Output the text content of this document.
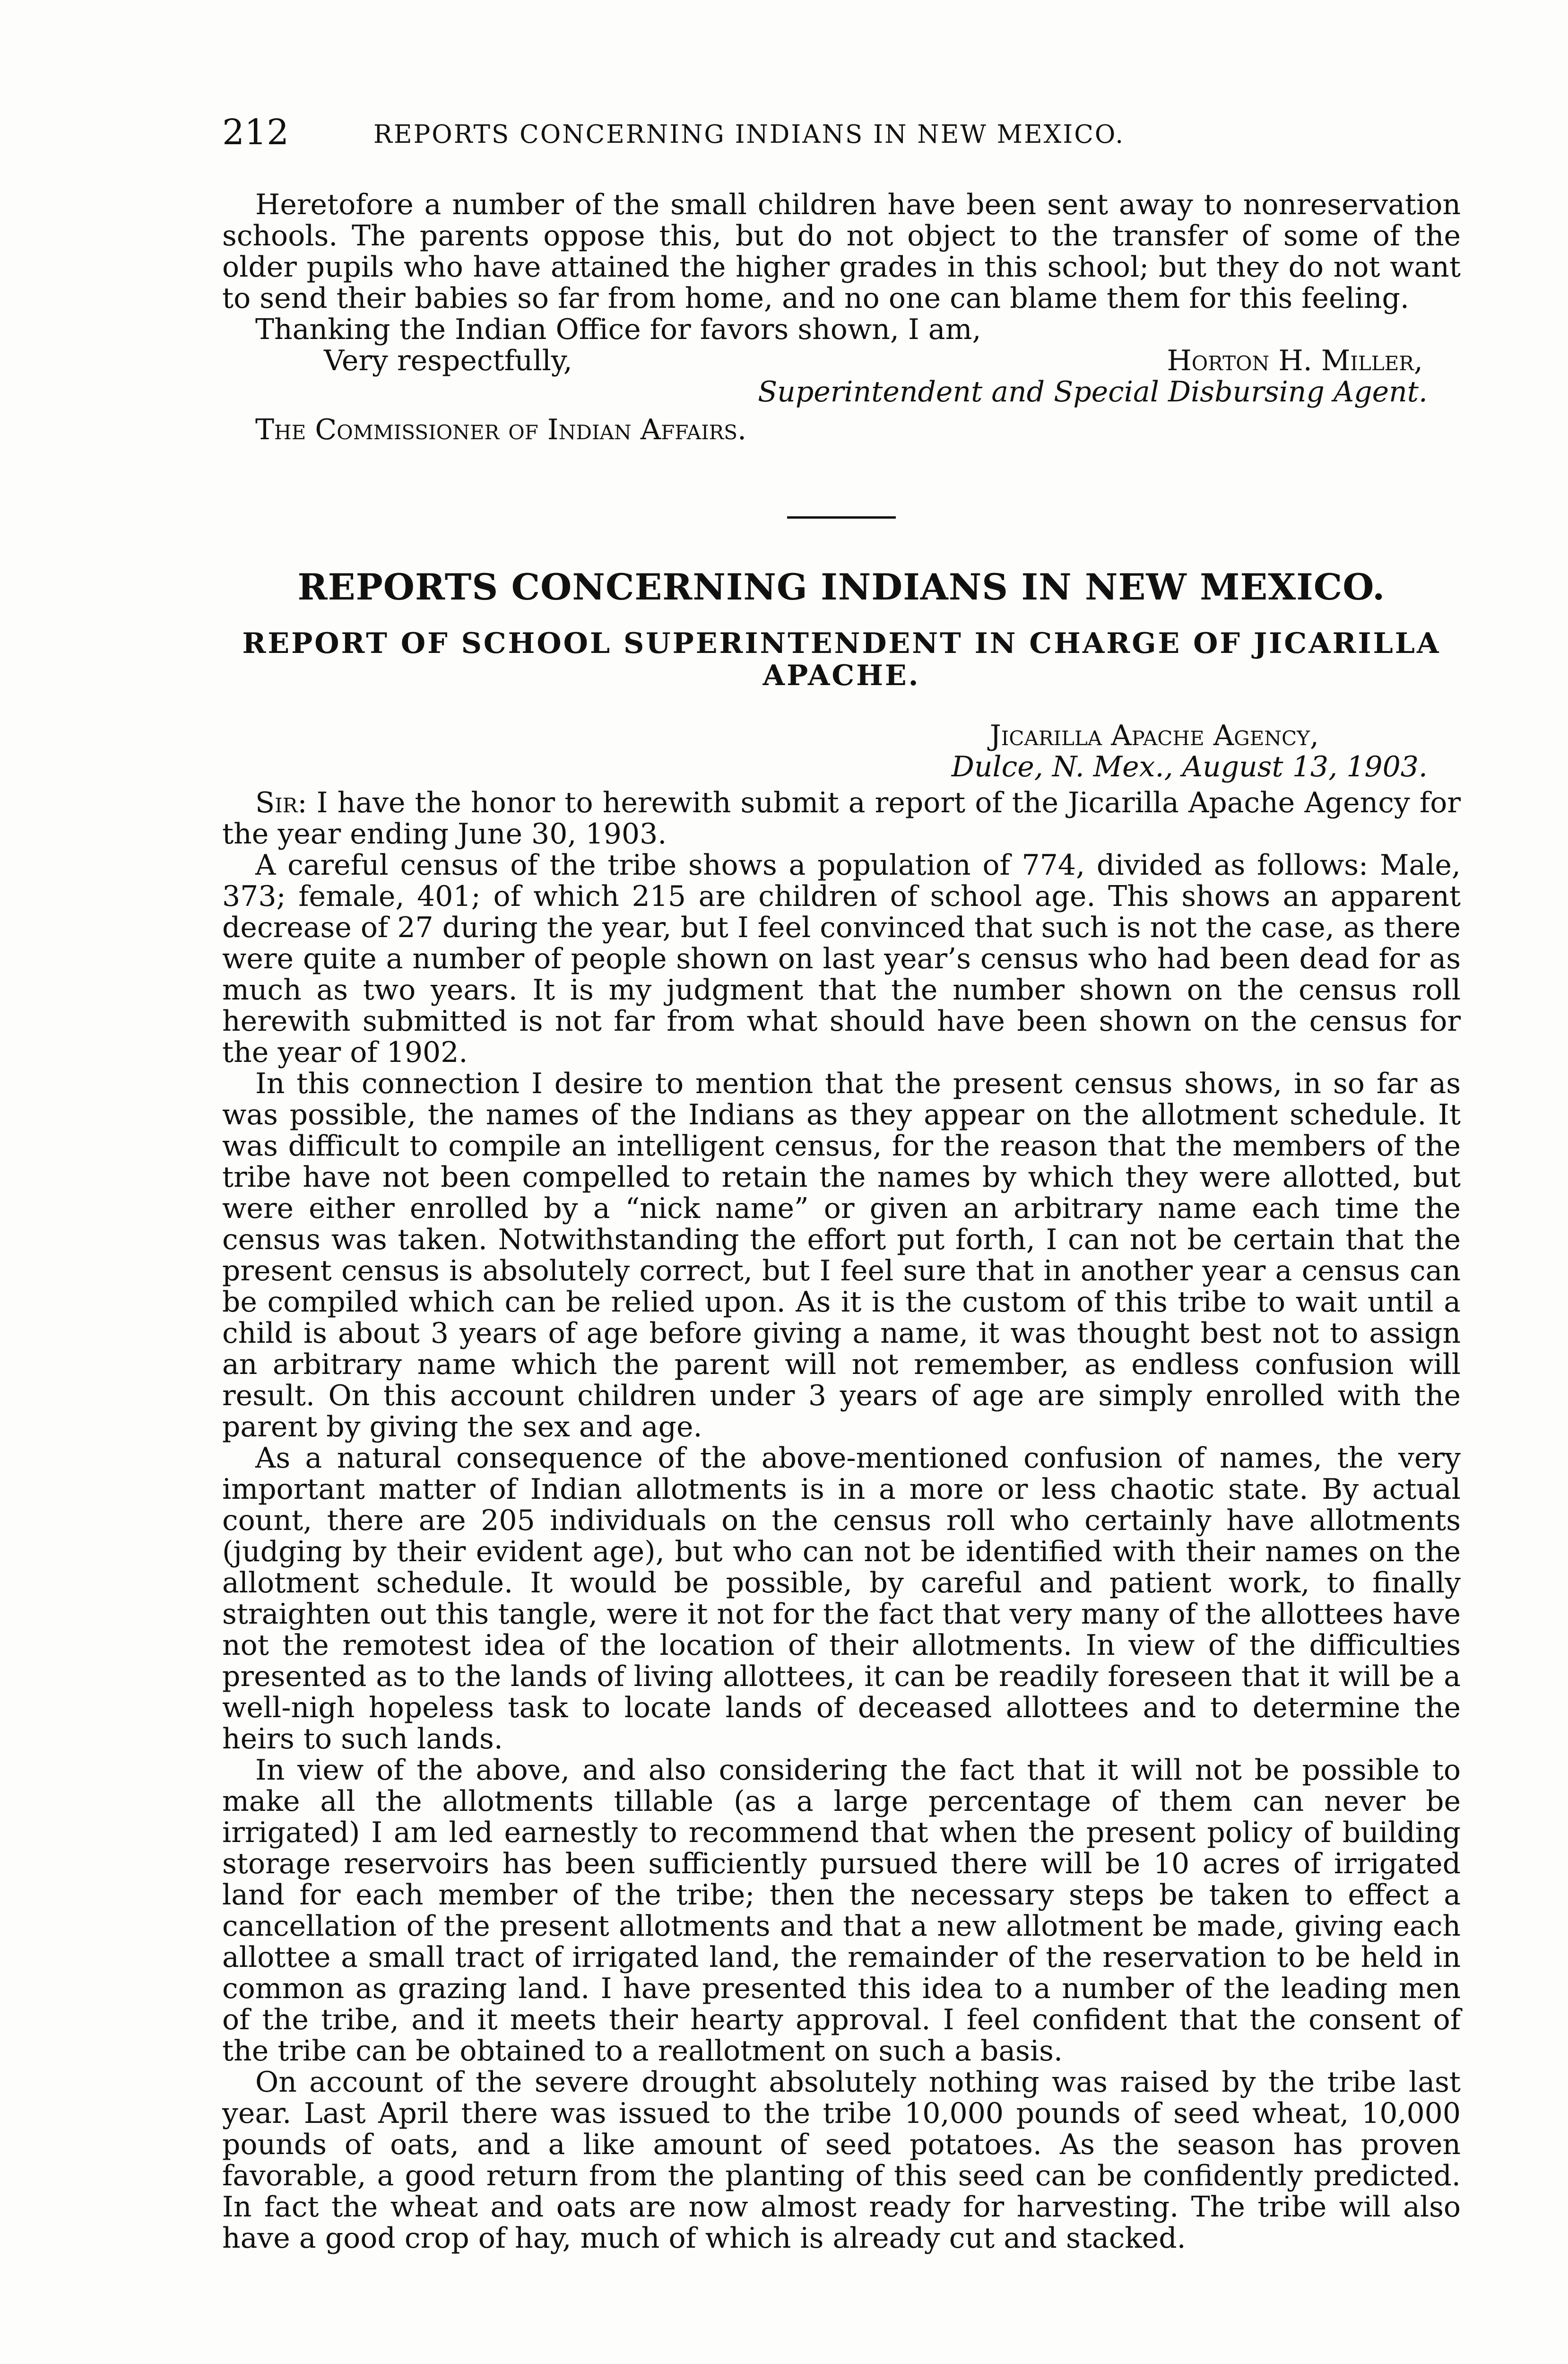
212	REPORTS CONCERNING INDIANS IN NEW MEXICO.

Heretofore a number of the small children have been sent away to nonreservation schools. The parents oppose this, but do not object to the transfer of some of the older pupils who have attained the higher grades in this school; but they do not want to send their babies so far from home, and no one can blame them for this feeling.

Thanking the Indian Office for favors shown, I am,

Very respectfully,	Horton H. Miller,

Superintendent and Special Disbursing Agent.

The Commissioner of Indian Affairs.

REPORTS CONCERNING INDIANS IN NEW MEXICO.
REPORT OF SCHOOL SUPERINTENDENT IN CHARGE OF JICARILLA APACHE.

Jicarilla Apache Agency,

Dulce, N. Mex., August 13, 1903.

Sir: I have the honor to herewith submit a report of the Jicarilla Apache Agency for the year ending June 30, 1903.

A careful census of the tribe shows a population of 774, divided as follows: Male, 373; female, 401; of which 215 are children of school age. This shows an apparent decrease of 27 during the year, but I feel convinced that such is not the case, as there were quite a number of people shown on last year’s census who had been dead for as much as two years. It is my judgment that the number shown on the census roll herewith submitted is not far from what should have been shown on the census for the year of 1902.

In this connection I desire to mention that the present census shows, in so far as was possible, the names of the Indians as they appear on the allotment schedule. It was difficult to compile an intelligent census, for the reason that the members of the tribe have not been compelled to retain the names by which they were allotted, but were either enrolled by a “nick name” or given an arbitrary name each time the census was taken. Notwithstanding the effort put forth, I can not be certain that the present census is absolutely correct, but I feel sure that in another year a census can be compiled which can be relied upon. As it is the custom of this tribe to wait until a child is about 3 years of age before giving a name, it was thought best not to assign an arbitrary name which the parent will not remember, as endless confusion will result. On this account children under 3 years of age are simply enrolled with the parent by giving the sex and age.

As a natural consequence of the above-mentioned confusion of names, the very important matter of Indian allotments is in a more or less chaotic state. By actual count, there are 205 individuals on the census roll who certainly have allotments (judging by their evident age), but who can not be identified with their names on the allotment schedule. It would be possible, by careful and patient work, to finally straighten out this tangle, were it not for the fact that very many of the allottees have not the remotest idea of the location of their allotments. In view of the difficulties presented as to the lands of living allottees, it can be readily foreseen that it will be a well-nigh hopeless task to locate lands of deceased allottees and to determine the heirs to such lands.

In view of the above, and also considering the fact that it will not be possible to make all the allotments tillable (as a large percentage of them can never be irrigated) I am led earnestly to recommend that when the present policy of building storage reservoirs has been sufficiently pursued there will be 10 acres of irrigated land for each member of the tribe; then the necessary steps be taken to effect a cancellation of the present allotments and that a new allotment be made, giving each allottee a small tract of irrigated land, the remainder of the reservation to be held in common as grazing land. I have presented this idea to a number of the leading men of the tribe, and it meets their hearty approval. I feel confident that the consent of the tribe can be obtained to a reallotment on such a basis.

On account of the severe drought absolutely nothing was raised by the tribe last year. Last April there was issued to the tribe 10,000 pounds of seed wheat, 10,000 pounds of oats, and a like amount of seed potatoes. As the season has proven favorable, a good return from the planting of this seed can be confidently predicted. In fact the wheat and oats are now almost ready for harvesting. The tribe will also have a good crop of hay, much of which is already cut and stacked.
